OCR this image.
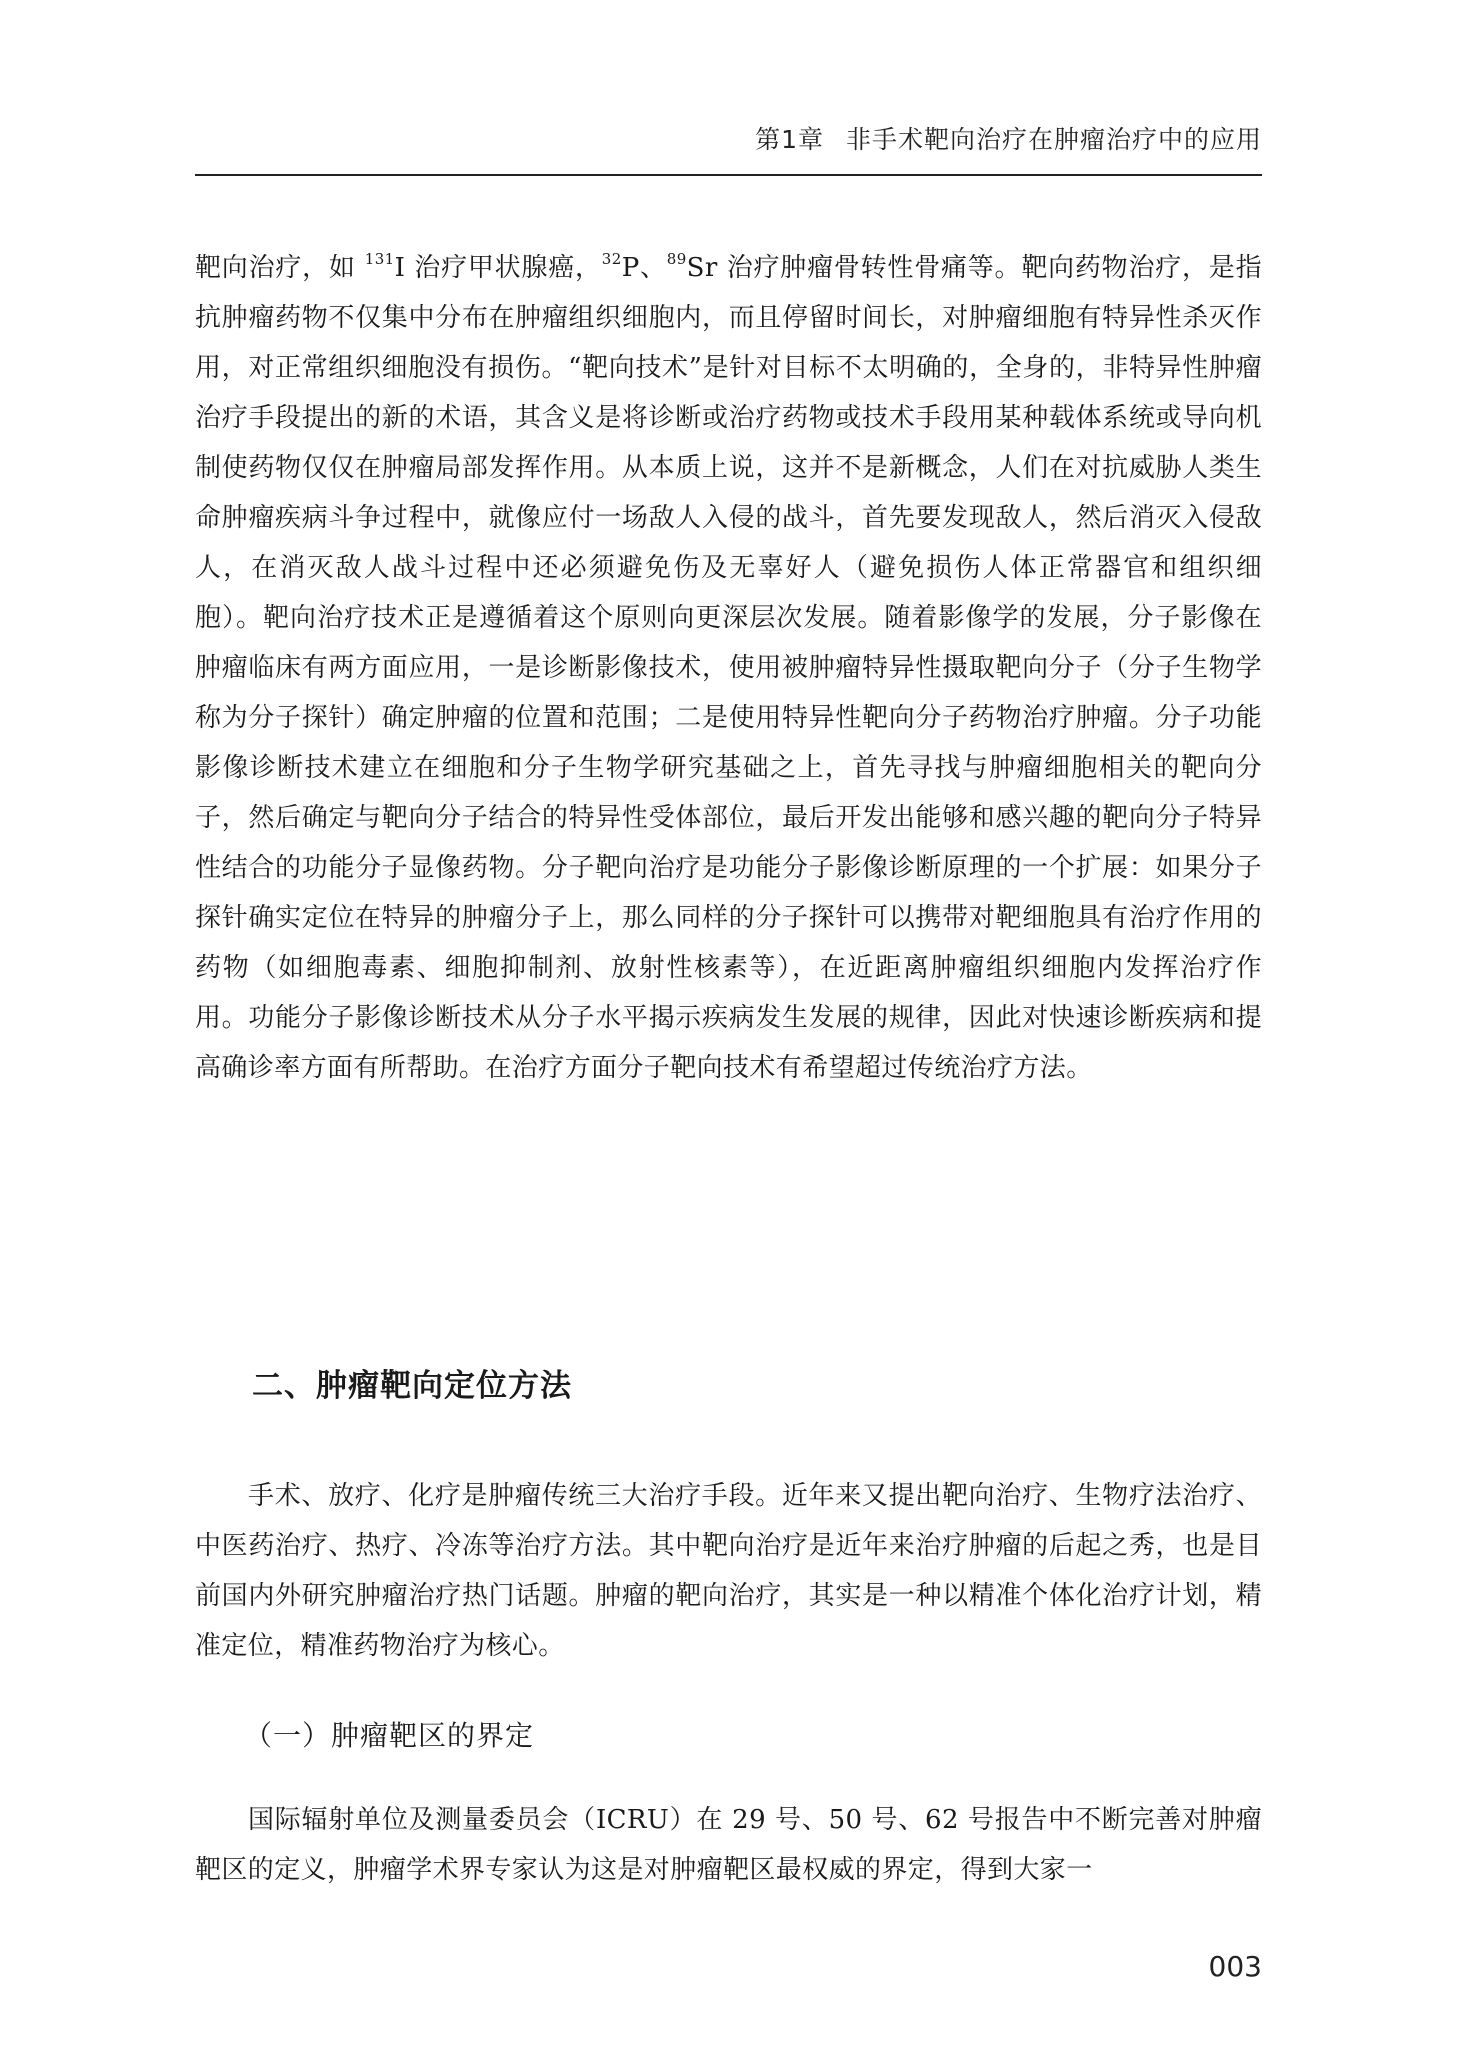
第1章 非手术靶向治疗在肿瘤治疗中的应用

靶向治疗，如 $^{131}$I 治疗甲状腺癌，$^{32}$P、$^{89}$Sr 治疗肿瘤骨转性骨痛等。靶向药物治疗，是指抗肿瘤药物不仅集中分布在肿瘤组织细胞内，而且停留时间长，对肿瘤细胞有特异性杀灭作用，对正常组织细胞没有损伤。“靶向技术”是针对目标不太明确的，全身的，非特异性肿瘤治疗手段提出的新的术语，其含义是将诊断或治疗药物或技术手段用某种载体系统或导向机制使药物仅仅在肿瘤局部发挥作用。从本质上说，这并不是新概念，人们在对抗威胁人类生命肿瘤疾病斗争过程中，就像应付一场敌人入侵的战斗，首先要发现敌人，然后消灭入侵敌人，在消灭敌人战斗过程中还必须避免伤及无辜好人（避免损伤人体正常器官和组织细胞）。靶向治疗技术正是遵循着这个原则向更深层次发展。随着影像学的发展，分子影像在肿瘤临床有两方面应用，一是诊断影像技术，使用被肿瘤特异性摄取靶向分子（分子生物学称为分子探针）确定肿瘤的位置和范围；二是使用特异性靶向分子药物治疗肿瘤。分子功能影像诊断技术建立在细胞和分子生物学研究基础之上，首先寻找与肿瘤细胞相关的靶向分子，然后确定与靶向分子结合的特异性受体部位，最后开发出能够和感兴趣的靶向分子特异性结合的功能分子显像药物。分子靶向治疗是功能分子影像诊断原理的一个扩展：如果分子探针确实定位在特异的肿瘤分子上，那么同样的分子探针可以携带对靶细胞具有治疗作用的药物（如细胞毒素、细胞抑制剂、放射性核素等），在近距离肿瘤组织细胞内发挥治疗作用。功能分子影像诊断技术从分子水平揭示疾病发生发展的规律，因此对快速诊断疾病和提高确诊率方面有所帮助。在治疗方面分子靶向技术有希望超过传统治疗方法。

二、肿瘤靶向定位方法

手术、放疗、化疗是肿瘤传统三大治疗手段。近年来又提出靶向治疗、生物疗法治疗、中医药治疗、热疗、冷冻等治疗方法。其中靶向治疗是近年来治疗肿瘤的后起之秀，也是目前国内外研究肿瘤治疗热门话题。肿瘤的靶向治疗，其实是一种以精准个体化治疗计划，精准定位，精准药物治疗为核心。

（一）肿瘤靶区的界定

国际辐射单位及测量委员会（ICRU）在 29 号、50 号、62 号报告中不断完善对肿瘤靶区的定义，肿瘤学术界专家认为这是对肿瘤靶区最权威的界定，得到大家一

003
